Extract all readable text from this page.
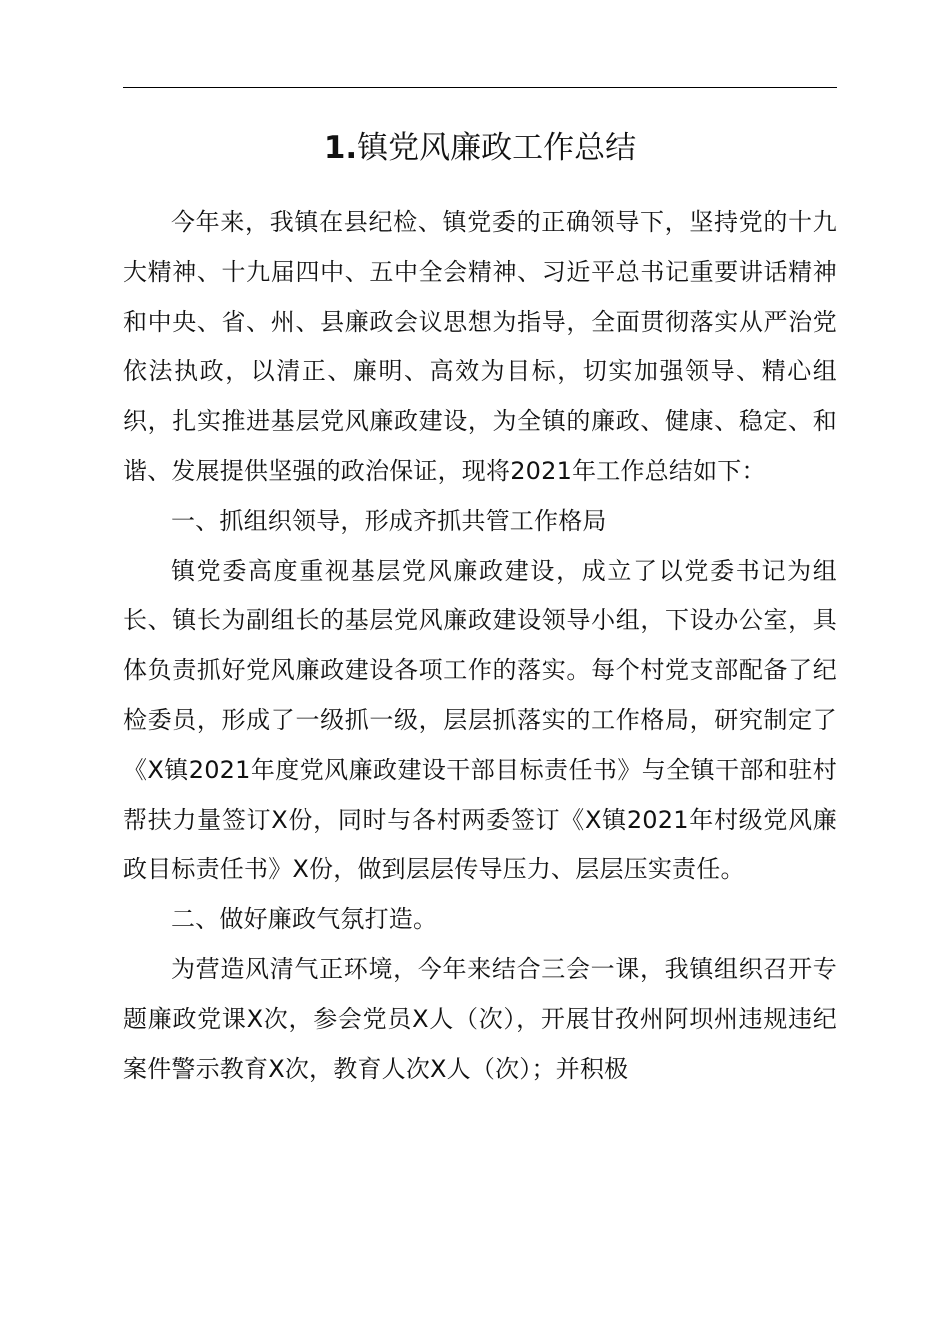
1.镇党风廉政工作总结

今年来，我镇在县纪检、镇党委的正确领导下，坚持党的十九大精神、十九届四中、五中全会精神、习近平总书记重要讲话精神和中央、省、州、县廉政会议思想为指导，全面贯彻落实从严治党依法执政，以清正、廉明、高效为目标，切实加强领导、精心组织，扎实推进基层党风廉政建设，为全镇的廉政、健康、稳定、和谐、发展提供坚强的政治保证，现将2021年工作总结如下：

一、抓组织领导，形成齐抓共管工作格局

镇党委高度重视基层党风廉政建设，成立了以党委书记为组长、镇长为副组长的基层党风廉政建设领导小组，下设办公室，具体负责抓好党风廉政建设各项工作的落实。每个村党支部配备了纪检委员，形成了一级抓一级，层层抓落实的工作格局，研究制定了《X镇2021年度党风廉政建设干部目标责任书》与全镇干部和驻村帮扶力量签订X份，同时与各村两委签订《X镇2021年村级党风廉政目标责任书》X份，做到层层传导压力、层层压实责任。

二、做好廉政气氛打造。

为营造风清气正环境，今年来结合三会一课，我镇组织召开专题廉政党课X次，参会党员X人（次），开展甘孜州阿坝州违规违纪案件警示教育X次，教育人次X人（次）；并积极
